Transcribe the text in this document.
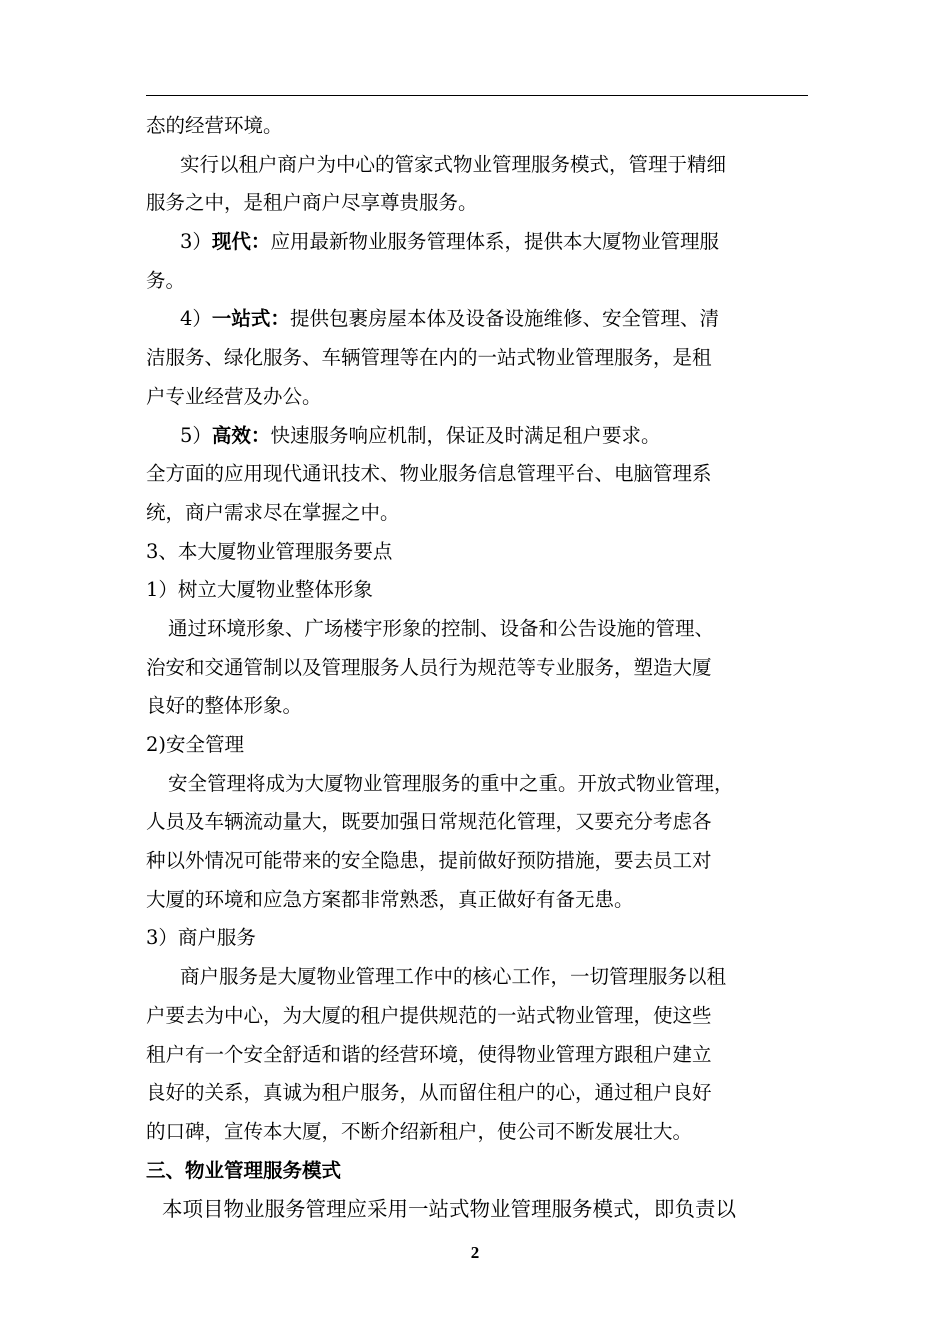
态的经营环境。

实行以租户商户为中心的管家式物业管理服务模式，管理于精细

服务之中，是租户商户尽享尊贵服务。

3）现代：应用最新物业服务管理体系，提供本大厦物业管理服

务。

4）一站式：提供包裹房屋本体及设备设施维修、安全管理、清

洁服务、绿化服务、车辆管理等在内的一站式物业管理服务，是租

户专业经营及办公。

5）高效：快速服务响应机制，保证及时满足租户要求。

全方面的应用现代通讯技术、物业服务信息管理平台、电脑管理系

统，商户需求尽在掌握之中。

3、本大厦物业管理服务要点

1）树立大厦物业整体形象

通过环境形象、广场楼宇形象的控制、设备和公告设施的管理、

治安和交通管制以及管理服务人员行为规范等专业服务，塑造大厦

良好的整体形象。

2)安全管理

安全管理将成为大厦物业管理服务的重中之重。开放式物业管理，

人员及车辆流动量大，既要加强日常规范化管理，又要充分考虑各

种以外情况可能带来的安全隐患，提前做好预防措施，要去员工对

大厦的环境和应急方案都非常熟悉，真正做好有备无患。

3）商户服务

商户服务是大厦物业管理工作中的核心工作，一切管理服务以租

户要去为中心，为大厦的租户提供规范的一站式物业管理，使这些

租户有一个安全舒适和谐的经营环境，使得物业管理方跟租户建立

良好的关系，真诚为租户服务，从而留住租户的心，通过租户良好

的口碑，宣传本大厦，不断介绍新租户，使公司不断发展壮大。

三、物业管理服务模式

本项目物业服务管理应采用一站式物业管理服务模式，即负责以

2
